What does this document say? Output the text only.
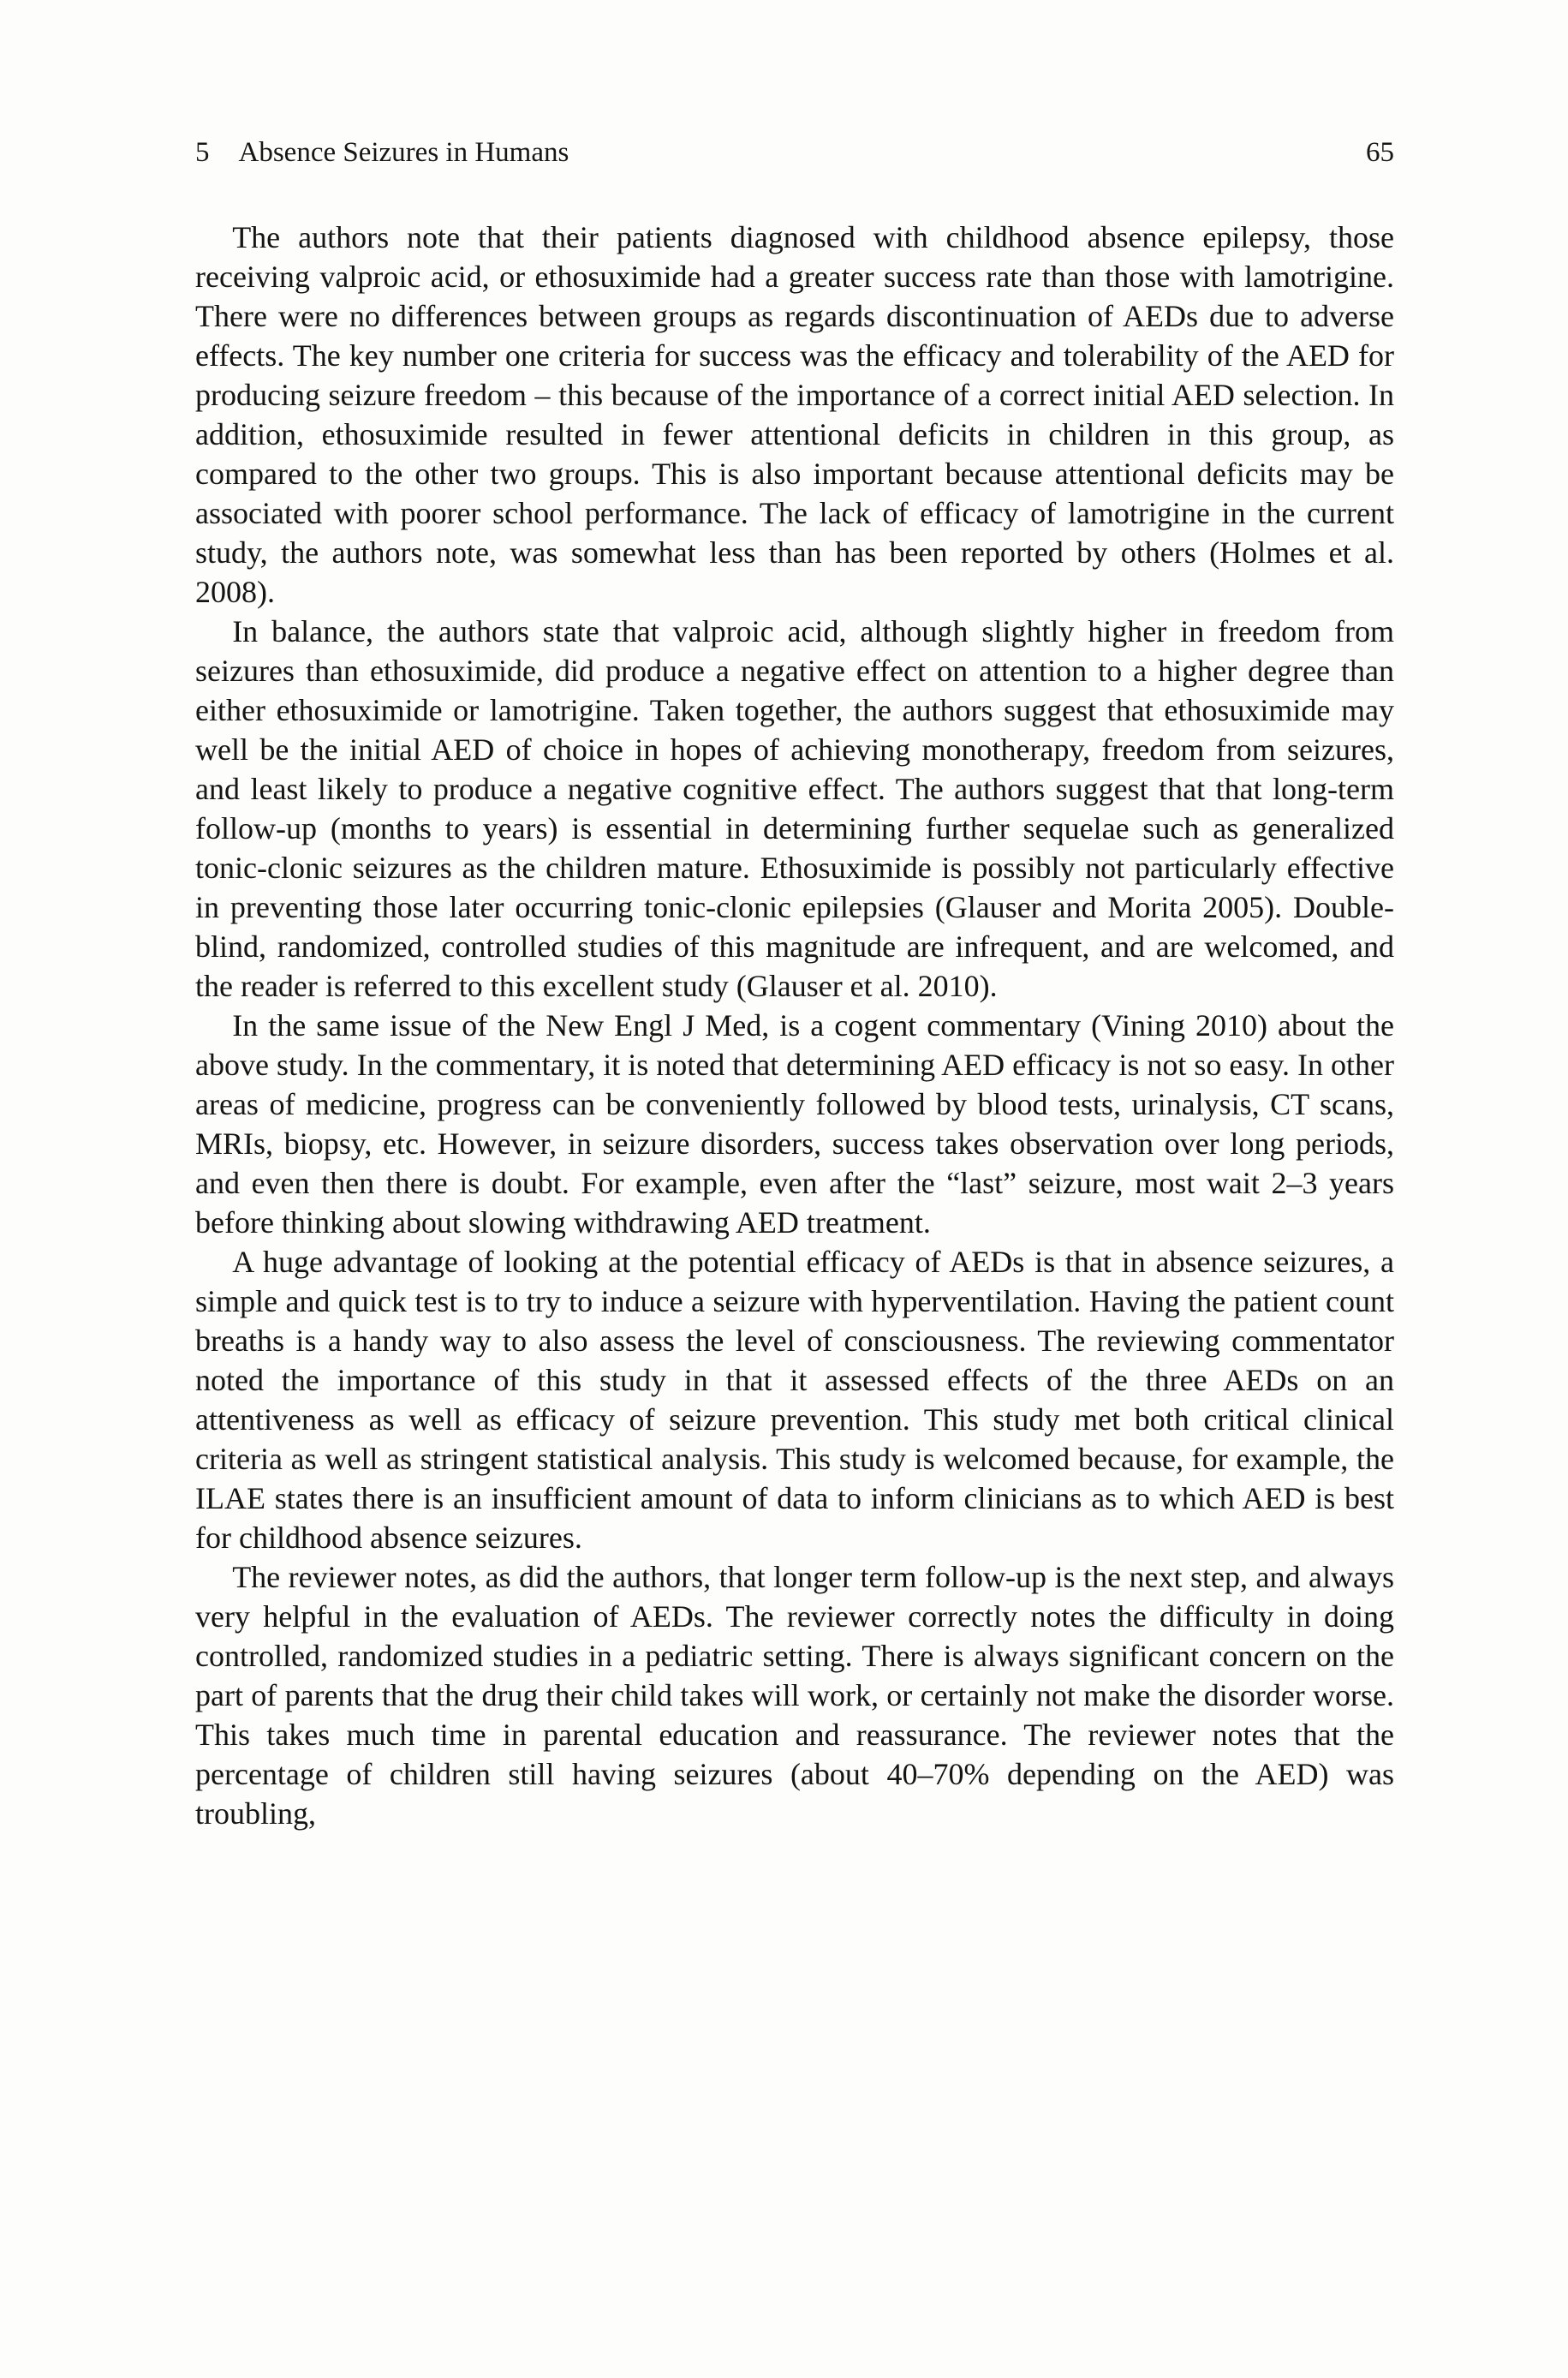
5 Absence Seizures in Humans	65

The authors note that their patients diagnosed with childhood absence epilepsy, those receiving valproic acid, or ethosuximide had a greater success rate than those with lamotrigine. There were no differences between groups as regards discontinuation of AEDs due to adverse effects. The key number one criteria for success was the efficacy and tolerability of the AED for producing seizure freedom – this because of the importance of a correct initial AED selection. In addition, ethosuximide resulted in fewer attentional deficits in children in this group, as compared to the other two groups. This is also important because attentional deficits may be associated with poorer school performance. The lack of efficacy of lamotrigine in the current study, the authors note, was somewhat less than has been reported by others (Holmes et al. 2008).

In balance, the authors state that valproic acid, although slightly higher in freedom from seizures than ethosuximide, did produce a negative effect on attention to a higher degree than either ethosuximide or lamotrigine. Taken together, the authors suggest that ethosuximide may well be the initial AED of choice in hopes of achieving monotherapy, freedom from seizures, and least likely to produce a negative cognitive effect. The authors suggest that that long-term follow-up (months to years) is essential in determining further sequelae such as generalized tonic-clonic seizures as the children mature. Ethosuximide is possibly not particularly effective in preventing those later occurring tonic-clonic epilepsies (Glauser and Morita 2005). Double-blind, randomized, controlled studies of this magnitude are infrequent, and are welcomed, and the reader is referred to this excellent study (Glauser et al. 2010).

In the same issue of the New Engl J Med, is a cogent commentary (Vining 2010) about the above study. In the commentary, it is noted that determining AED efficacy is not so easy. In other areas of medicine, progress can be conveniently followed by blood tests, urinalysis, CT scans, MRIs, biopsy, etc. However, in seizure disorders, success takes observation over long periods, and even then there is doubt. For example, even after the “last” seizure, most wait 2–3 years before thinking about slowing withdrawing AED treatment.

A huge advantage of looking at the potential efficacy of AEDs is that in absence seizures, a simple and quick test is to try to induce a seizure with hyperventilation. Having the patient count breaths is a handy way to also assess the level of consciousness. The reviewing commentator noted the importance of this study in that it assessed effects of the three AEDs on an attentiveness as well as efficacy of seizure prevention. This study met both critical clinical criteria as well as stringent statistical analysis. This study is welcomed because, for example, the ILAE states there is an insufficient amount of data to inform clinicians as to which AED is best for childhood absence seizures.

The reviewer notes, as did the authors, that longer term follow-up is the next step, and always very helpful in the evaluation of AEDs. The reviewer correctly notes the difficulty in doing controlled, randomized studies in a pediatric setting. There is always significant concern on the part of parents that the drug their child takes will work, or certainly not make the disorder worse. This takes much time in parental education and reassurance. The reviewer notes that the percentage of children still having seizures (about 40–70% depending on the AED) was troubling,
